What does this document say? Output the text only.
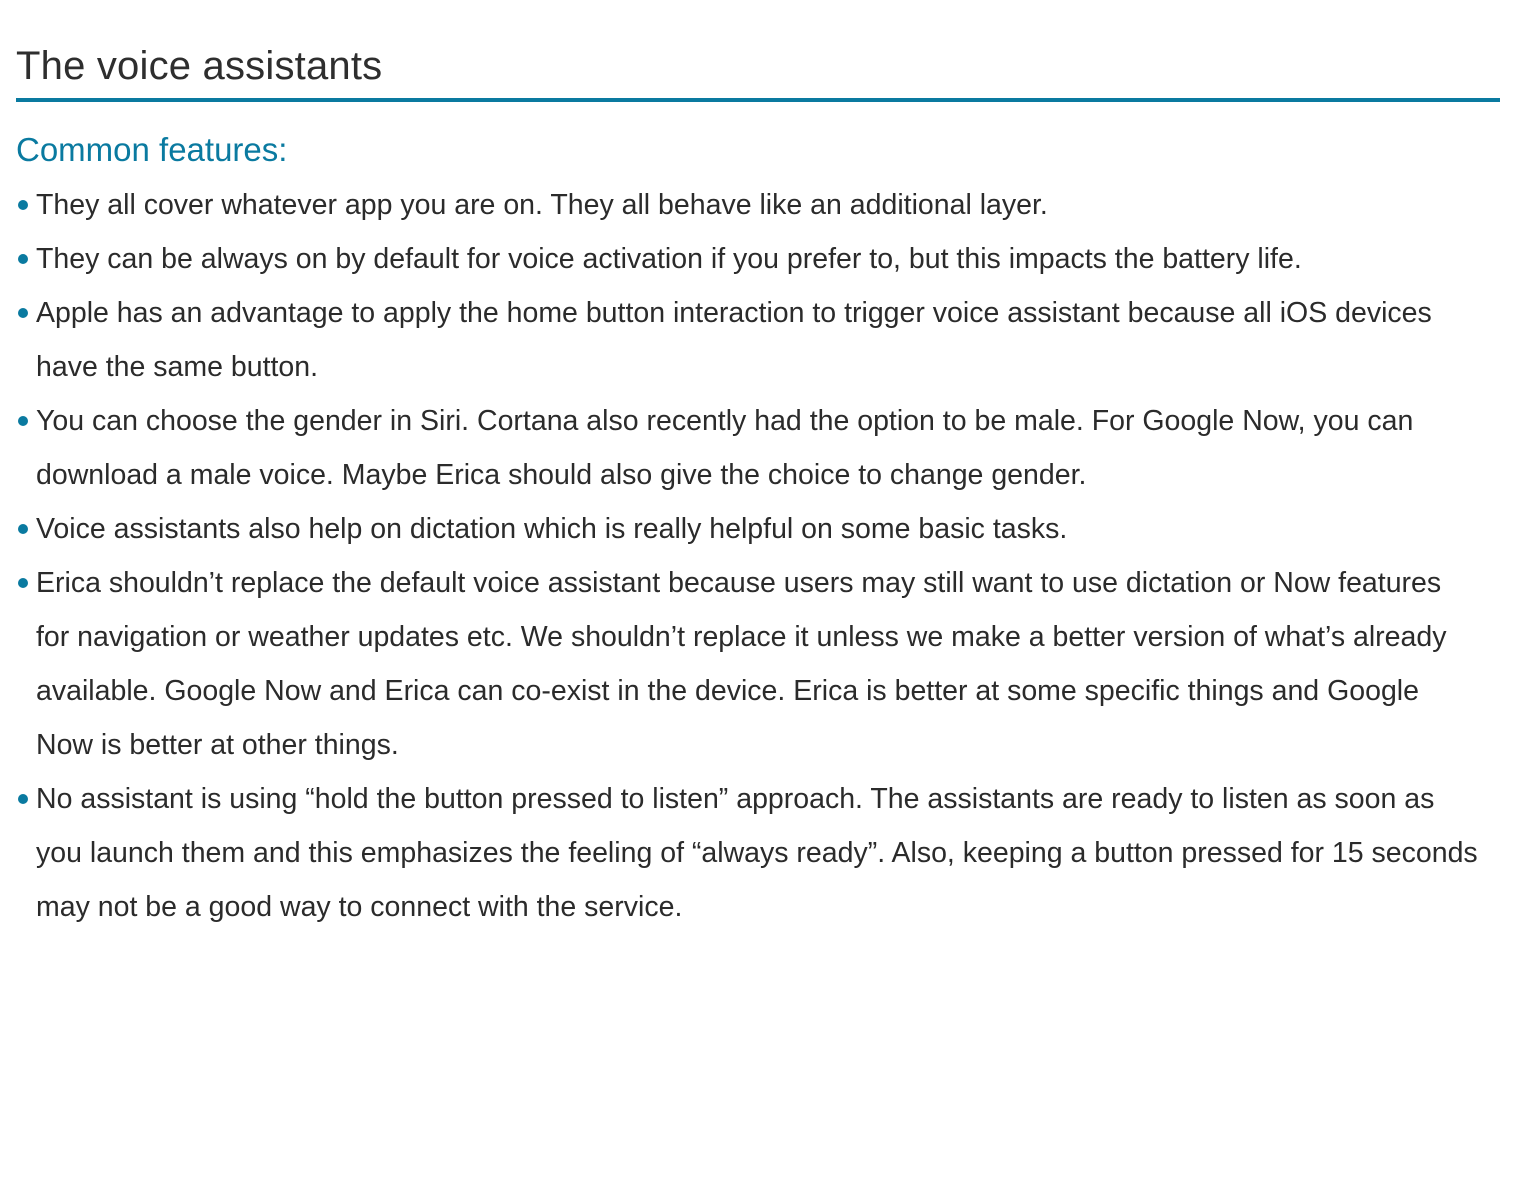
The voice assistants
Common features:
They all cover whatever app you are on. They all behave like an additional layer.
They can be always on by default for voice activation if you prefer to, but this impacts the battery life.
Apple has an advantage to apply the home button interaction to trigger voice assistant because all iOS devices have the same button.
You can choose the gender in Siri. Cortana also recently had the option to be male. For Google Now, you can download a male voice. Maybe Erica should also give the choice to change gender.
Voice assistants also help on dictation which is really helpful on some basic tasks.
Erica shouldn’t replace the default voice assistant because users may still want to use dictation or Now features for navigation or weather updates etc. We shouldn’t replace it unless we make a better version of what’s already available. Google Now and Erica can co-exist in the device. Erica is better at some specific things and Google Now is better at other things.
No assistant is using “hold the button pressed to listen” approach. The assistants are ready to listen as soon as you launch them and this emphasizes the feeling of “always ready”. Also, keeping a button pressed for 15 seconds may not be a good way to connect with the service.
